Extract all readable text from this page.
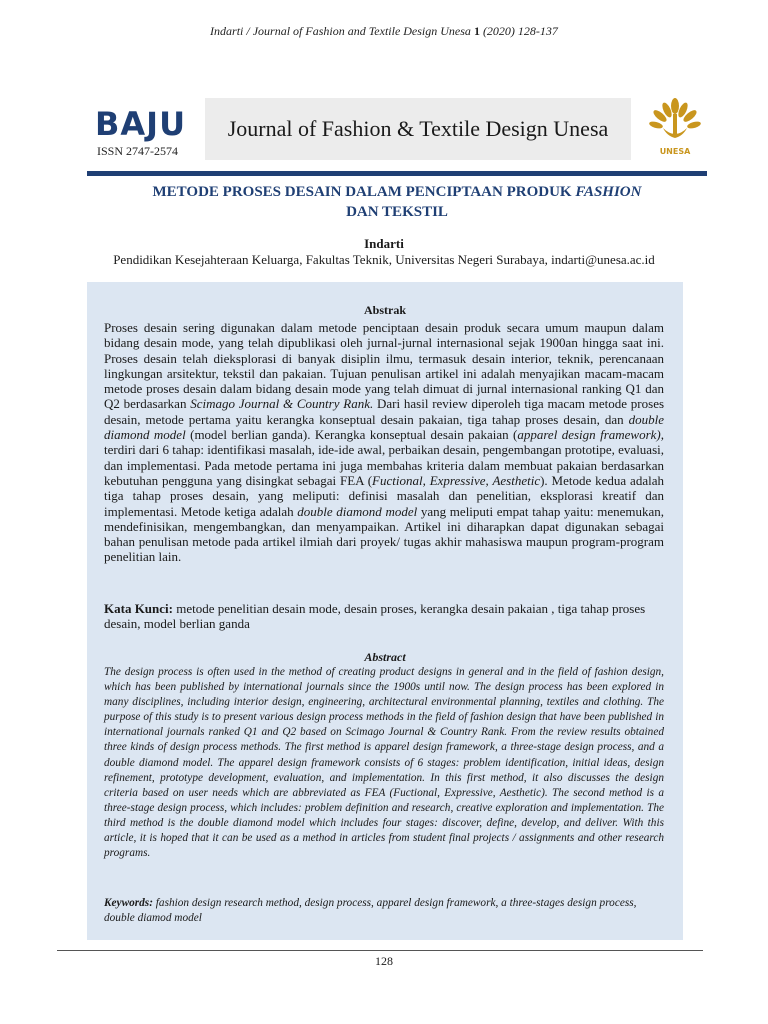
Indarti / Journal of Fashion and Textile Design Unesa 1 (2020) 128-137
BAJU
ISSN 2747-2574
Journal of Fashion & Textile Design Unesa
UNESA
METODE PROSES DESAIN DALAM PENCIPTAAN PRODUK FASHION
DAN TEKSTIL
Indarti
Pendidikan Kesejahteraan Keluarga, Fakultas Teknik, Universitas Negeri Surabaya, indarti@unesa.ac.id
Abstrak
Proses desain sering digunakan dalam metode penciptaan desain produk secara umum maupun dalam bidang desain mode, yang telah dipublikasi oleh jurnal-jurnal internasional sejak 1900an hingga saat ini. Proses desain telah dieksplorasi di banyak disiplin ilmu, termasuk desain interior, teknik, perencanaan lingkungan arsitektur, tekstil dan pakaian. Tujuan penulisan artikel ini adalah menyajikan macam-macam metode proses desain dalam bidang desain mode yang telah dimuat di jurnal internasional ranking Q1 dan Q2 berdasarkan Scimago Journal & Country Rank. Dari hasil review diperoleh tiga macam metode proses desain, metode pertama yaitu kerangka konseptual desain pakaian, tiga tahap proses desain, dan double diamond model (model berlian ganda). Kerangka konseptual desain pakaian (apparel design framework), terdiri dari 6 tahap: identifikasi masalah, ide-ide awal, perbaikan desain, pengembangan prototipe, evaluasi, dan implementasi. Pada metode pertama ini juga membahas kriteria dalam membuat pakaian berdasarkan kebutuhan pengguna yang disingkat sebagai FEA (Fuctional, Expressive, Aesthetic). Metode kedua adalah tiga tahap proses desain, yang meliputi: definisi masalah dan penelitian, eksplorasi kreatif dan implementasi. Metode ketiga adalah double diamond model yang meliputi empat tahap yaitu: menemukan, mendefinisikan, mengembangkan, dan menyampaikan. Artikel ini diharapkan dapat digunakan sebagai bahan penulisan metode pada artikel ilmiah dari proyek/ tugas akhir mahasiswa maupun program-program penelitian lain.
Kata Kunci: metode penelitian desain mode, desain proses, kerangka desain pakaian , tiga tahap proses desain, model berlian ganda
Abstract
The design process is often used in the method of creating product designs in general and in the field of fashion design, which has been published by international journals since the 1900s until now. The design process has been explored in many disciplines, including interior design, engineering, architectural environmental planning, textiles and clothing. The purpose of this study is to present various design process methods in the field of fashion design that have been published in international journals ranked Q1 and Q2 based on Scimago Journal & Country Rank. From the review results obtained three kinds of design process methods. The first method is apparel design framework, a three-stage design process, and a double diamond model. The apparel design framework consists of 6 stages: problem identification, initial ideas, design refinement, prototype development, evaluation, and implementation. In this first method, it also discusses the design criteria based on user needs which are abbreviated as FEA (Fuctional, Expressive, Aesthetic). The second method is a three-stage design process, which includes: problem definition and research, creative exploration and implementation. The third method is the double diamond model which includes four stages: discover, define, develop, and deliver. With this article, it is hoped that it can be used as a method in articles from student final projects / assignments and other research programs.
Keywords: fashion design research method, design process, apparel design framework, a three-stages design process, double diamod model
128
